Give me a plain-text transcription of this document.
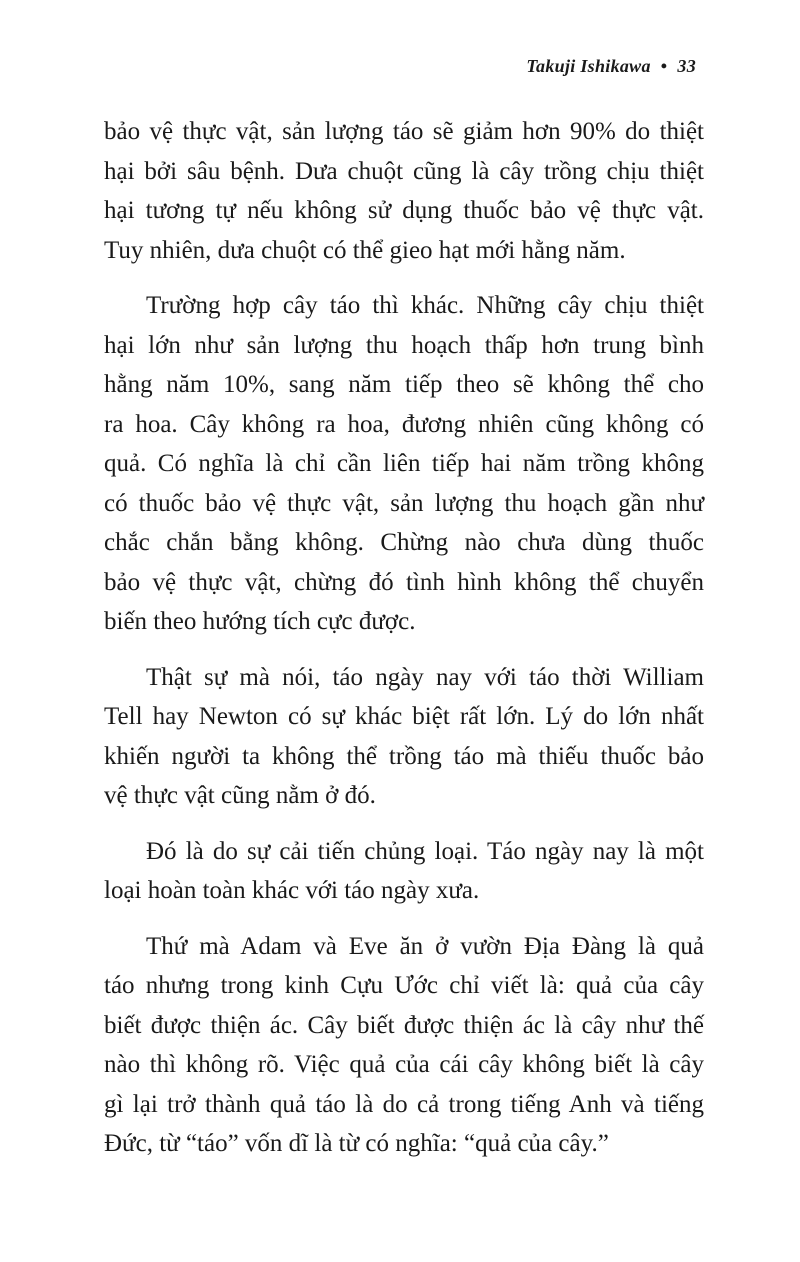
Takuji Ishikawa • 33
bảo vệ thực vật, sản lượng táo sẽ giảm hơn 90% do thiệt
hại bởi sâu bệnh. Dưa chuột cũng là cây trồng chịu thiệt
hại tương tự nếu không sử dụng thuốc bảo vệ thực vật.
Tuy nhiên, dưa chuột có thể gieo hạt mới hằng năm.
Trường hợp cây táo thì khác. Những cây chịu thiệt
hại lớn như sản lượng thu hoạch thấp hơn trung bình
hằng năm 10%, sang năm tiếp theo sẽ không thể cho
ra hoa. Cây không ra hoa, đương nhiên cũng không có
quả. Có nghĩa là chỉ cần liên tiếp hai năm trồng không
có thuốc bảo vệ thực vật, sản lượng thu hoạch gần như
chắc chắn bằng không. Chừng nào chưa dùng thuốc
bảo vệ thực vật, chừng đó tình hình không thể chuyển
biến theo hướng tích cực được.
Thật sự mà nói, táo ngày nay với táo thời William
Tell hay Newton có sự khác biệt rất lớn. Lý do lớn nhất
khiến người ta không thể trồng táo mà thiếu thuốc bảo
vệ thực vật cũng nằm ở đó.
Đó là do sự cải tiến chủng loại. Táo ngày nay là một
loại hoàn toàn khác với táo ngày xưa.
Thứ mà Adam và Eve ăn ở vườn Địa Đàng là quả
táo nhưng trong kinh Cựu Ước chỉ viết là: quả của cây
biết được thiện ác. Cây biết được thiện ác là cây như thế
nào thì không rõ. Việc quả của cái cây không biết là cây
gì lại trở thành quả táo là do cả trong tiếng Anh và tiếng
Đức, từ “táo” vốn dĩ là từ có nghĩa: “quả của cây.”
